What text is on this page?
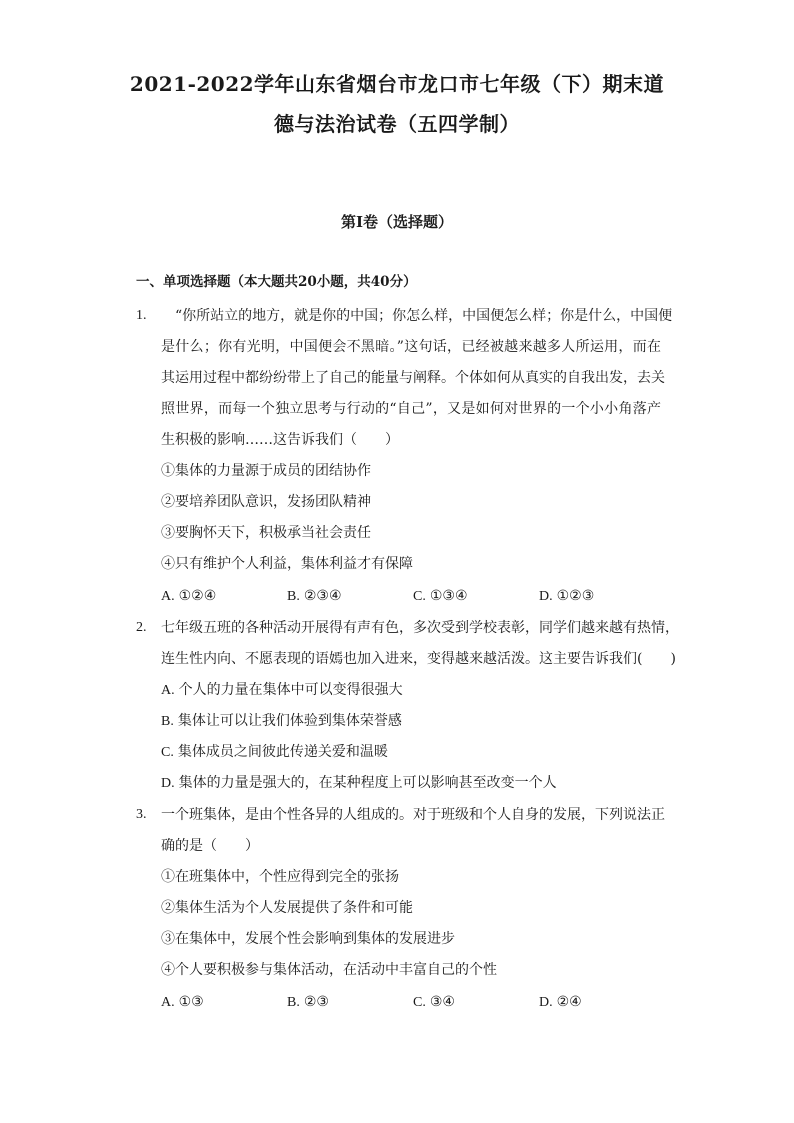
2021-2022学年山东省烟台市龙口市七年级（下）期末道
德与法治试卷（五四学制）
第Ⅰ卷（选择题）
一、单项选择题（本大题共20小题，共40分）
1. “你所站立的地方，就是你的中国；你怎么样，中国便怎么样；你是什么，中国便
是什么；你有光明，中国便会不黑暗。”这句话，已经被越来越多人所运用，而在
其运用过程中都纷纷带上了自己的能量与阐释。个体如何从真实的自我出发，去关
照世界，而每一个独立思考与行动的“自己”，又是如何对世界的一个小小角落产
生积极的影响……这告诉我们（　　）
①集体的力量源于成员的团结协作
②要培养团队意识，发扬团队精神
③要胸怀天下，积极承当社会责任
④只有维护个人利益，集体利益才有保障
A. ①②④	B. ②③④	C. ①③④	D. ①②③
2. 七年级五班的各种活动开展得有声有色，多次受到学校表彰，同学们越来越有热情，
连生性内向、不愿表现的语嫣也加入进来，变得越来越活泼。这主要告诉我们(　　)
A. 个人的力量在集体中可以变得很强大
B. 集体让可以让我们体验到集体荣誉感
C. 集体成员之间彼此传递关爱和温暖
D. 集体的力量是强大的，在某种程度上可以影响甚至改变一个人
3. 一个班集体，是由个性各异的人组成的。对于班级和个人自身的发展，下列说法正
确的是（　　）
①在班集体中，个性应得到完全的张扬
②集体生活为个人发展提供了条件和可能
③在集体中，发展个性会影响到集体的发展进步
④个人要积极参与集体活动，在活动中丰富自己的个性
A. ①③	B. ②③	C. ③④	D. ②④
